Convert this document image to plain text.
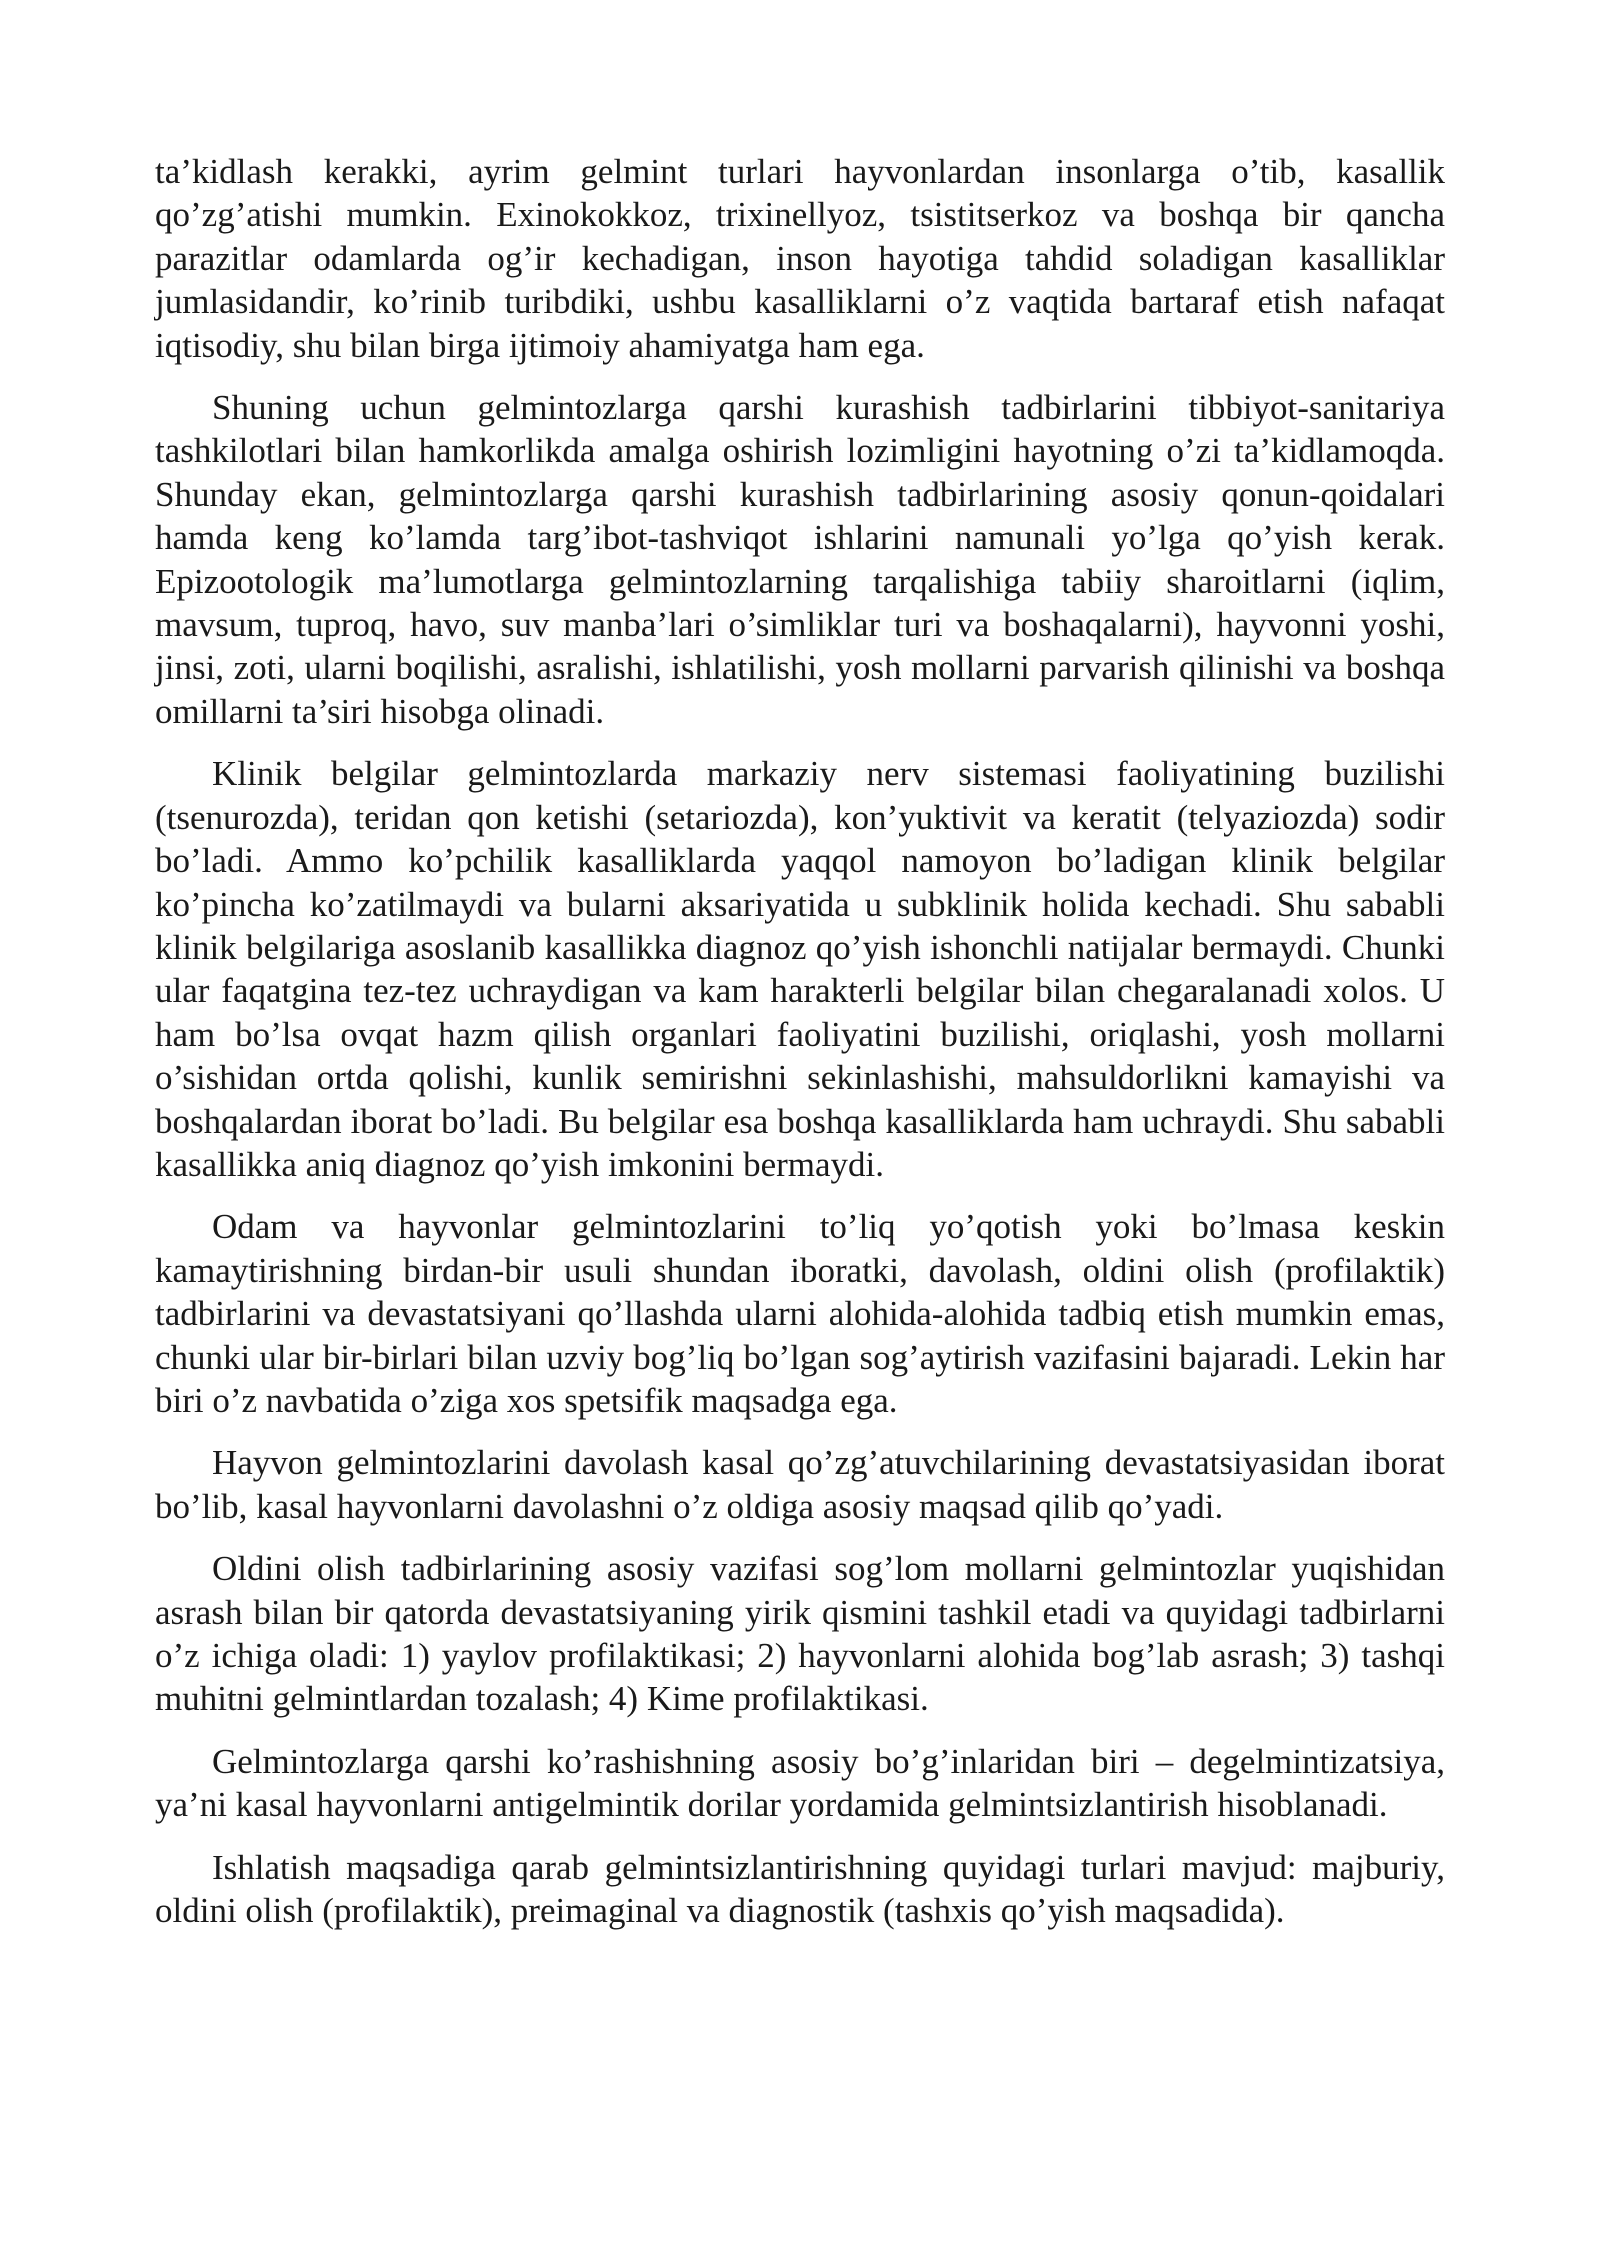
ta’kidlash kerakki, ayrim gelmint turlari hayvonlardan insonlarga o’tib, kasallik qo’zg’atishi mumkin. Exinokokkoz, trixinellyoz, tsistitserkoz va boshqa bir qancha parazitlar odamlarda og’ir kechadigan, inson hayotiga tahdid soladigan kasalliklar jumlasidandir, ko’rinib turibdiki, ushbu kasalliklarni o’z vaqtida bartaraf etish nafaqat iqtisodiy, shu bilan birga ijtimoiy ahamiyatga ham ega.

Shuning uchun gelmintozlarga qarshi kurashish tadbirlarini tibbiyot-sanitariya tashkilotlari bilan hamkorlikda amalga oshirish lozimligini hayotning o’zi ta’kidlamoqda. Shunday ekan, gelmintozlarga qarshi kurashish tadbirlarining asosiy qonun-qoidalari hamda keng ko’lamda targ’ibot-tashviqot ishlarini namunali yo’lga qo’yish kerak. Epizootologik ma’lumotlarga gelmintozlarning tarqalishiga tabiiy sharoitlarni (iqlim, mavsum, tuproq, havo, suv manba’lari o’simliklar turi va boshaqalarni), hayvonni yoshi, jinsi, zoti, ularni boqilishi, asralishi, ishlatilishi, yosh mollarni parvarish qilinishi va boshqa omillarni ta’siri hisobga olinadi.

Klinik belgilar gelmintozlarda markaziy nerv sistemasi faoliyatining buzilishi (tsenurozda), teridan qon ketishi (setariozda), kon’yuktivit va keratit (telyaziozda) sodir bo’ladi. Ammo ko’pchilik kasalliklarda yaqqol namoyon bo’ladigan klinik belgilar ko’pincha ko’zatilmaydi va bularni aksariyatida u subklinik holida kechadi. Shu sababli klinik belgilariga asoslanib kasallikka diagnoz qo’yish ishonchli natijalar bermaydi. Chunki ular faqatgina tez-tez uchraydigan va kam harakterli belgilar bilan chegaralanadi xolos. U ham bo’lsa ovqat hazm qilish organlari faoliyatini buzilishi, oriqlashi, yosh mollarni o’sishidan ortda qolishi, kunlik semirishni sekinlashishi, mahsuldorlikni kamayishi va boshqalardan iborat bo’ladi. Bu belgilar esa boshqa kasalliklarda ham uchraydi. Shu sababli kasallikka aniq diagnoz qo’yish imkonini bermaydi.

Odam va hayvonlar gelmintozlarini to’liq yo’qotish yoki bo’lmasa keskin kamaytirishning birdan-bir usuli shundan iboratki, davolash, oldini olish (profilaktik) tadbirlarini va devastatsiyani qo’llashda ularni alohida-alohida tadbiq etish mumkin emas, chunki ular bir-birlari bilan uzviy bog’liq bo’lgan sog’aytirish vazifasini bajaradi. Lekin har biri o’z navbatida o’ziga xos spetsifik maqsadga ega.

Hayvon gelmintozlarini davolash kasal qo’zg’atuvchilarining devastatsiyasidan iborat bo’lib, kasal hayvonlarni davolashni o’z oldiga asosiy maqsad qilib qo’yadi.

Oldini olish tadbirlarining asosiy vazifasi sog’lom mollarni gelmintozlar yuqishidan asrash bilan bir qatorda devastatsiyaning yirik qismini tashkil etadi va quyidagi tadbirlarni o’z ichiga oladi: 1) yaylov profilaktikasi; 2) hayvonlarni alohida bog’lab asrash; 3) tashqi muhitni gelmintlardan tozalash; 4) Kime profilaktikasi.

Gelmintozlarga qarshi ko’rashishning asosiy bo’g’inlaridan biri – degelmintizatsiya, ya’ni kasal hayvonlarni antigelmintik dorilar yordamida gelmintsizlantirish hisoblanadi.

Ishlatish maqsadiga qarab gelmintsizlantirishning quyidagi turlari mavjud: majburiy, oldini olish (profilaktik), preimaginal va diagnostik (tashxis qo’yish maqsadida).
